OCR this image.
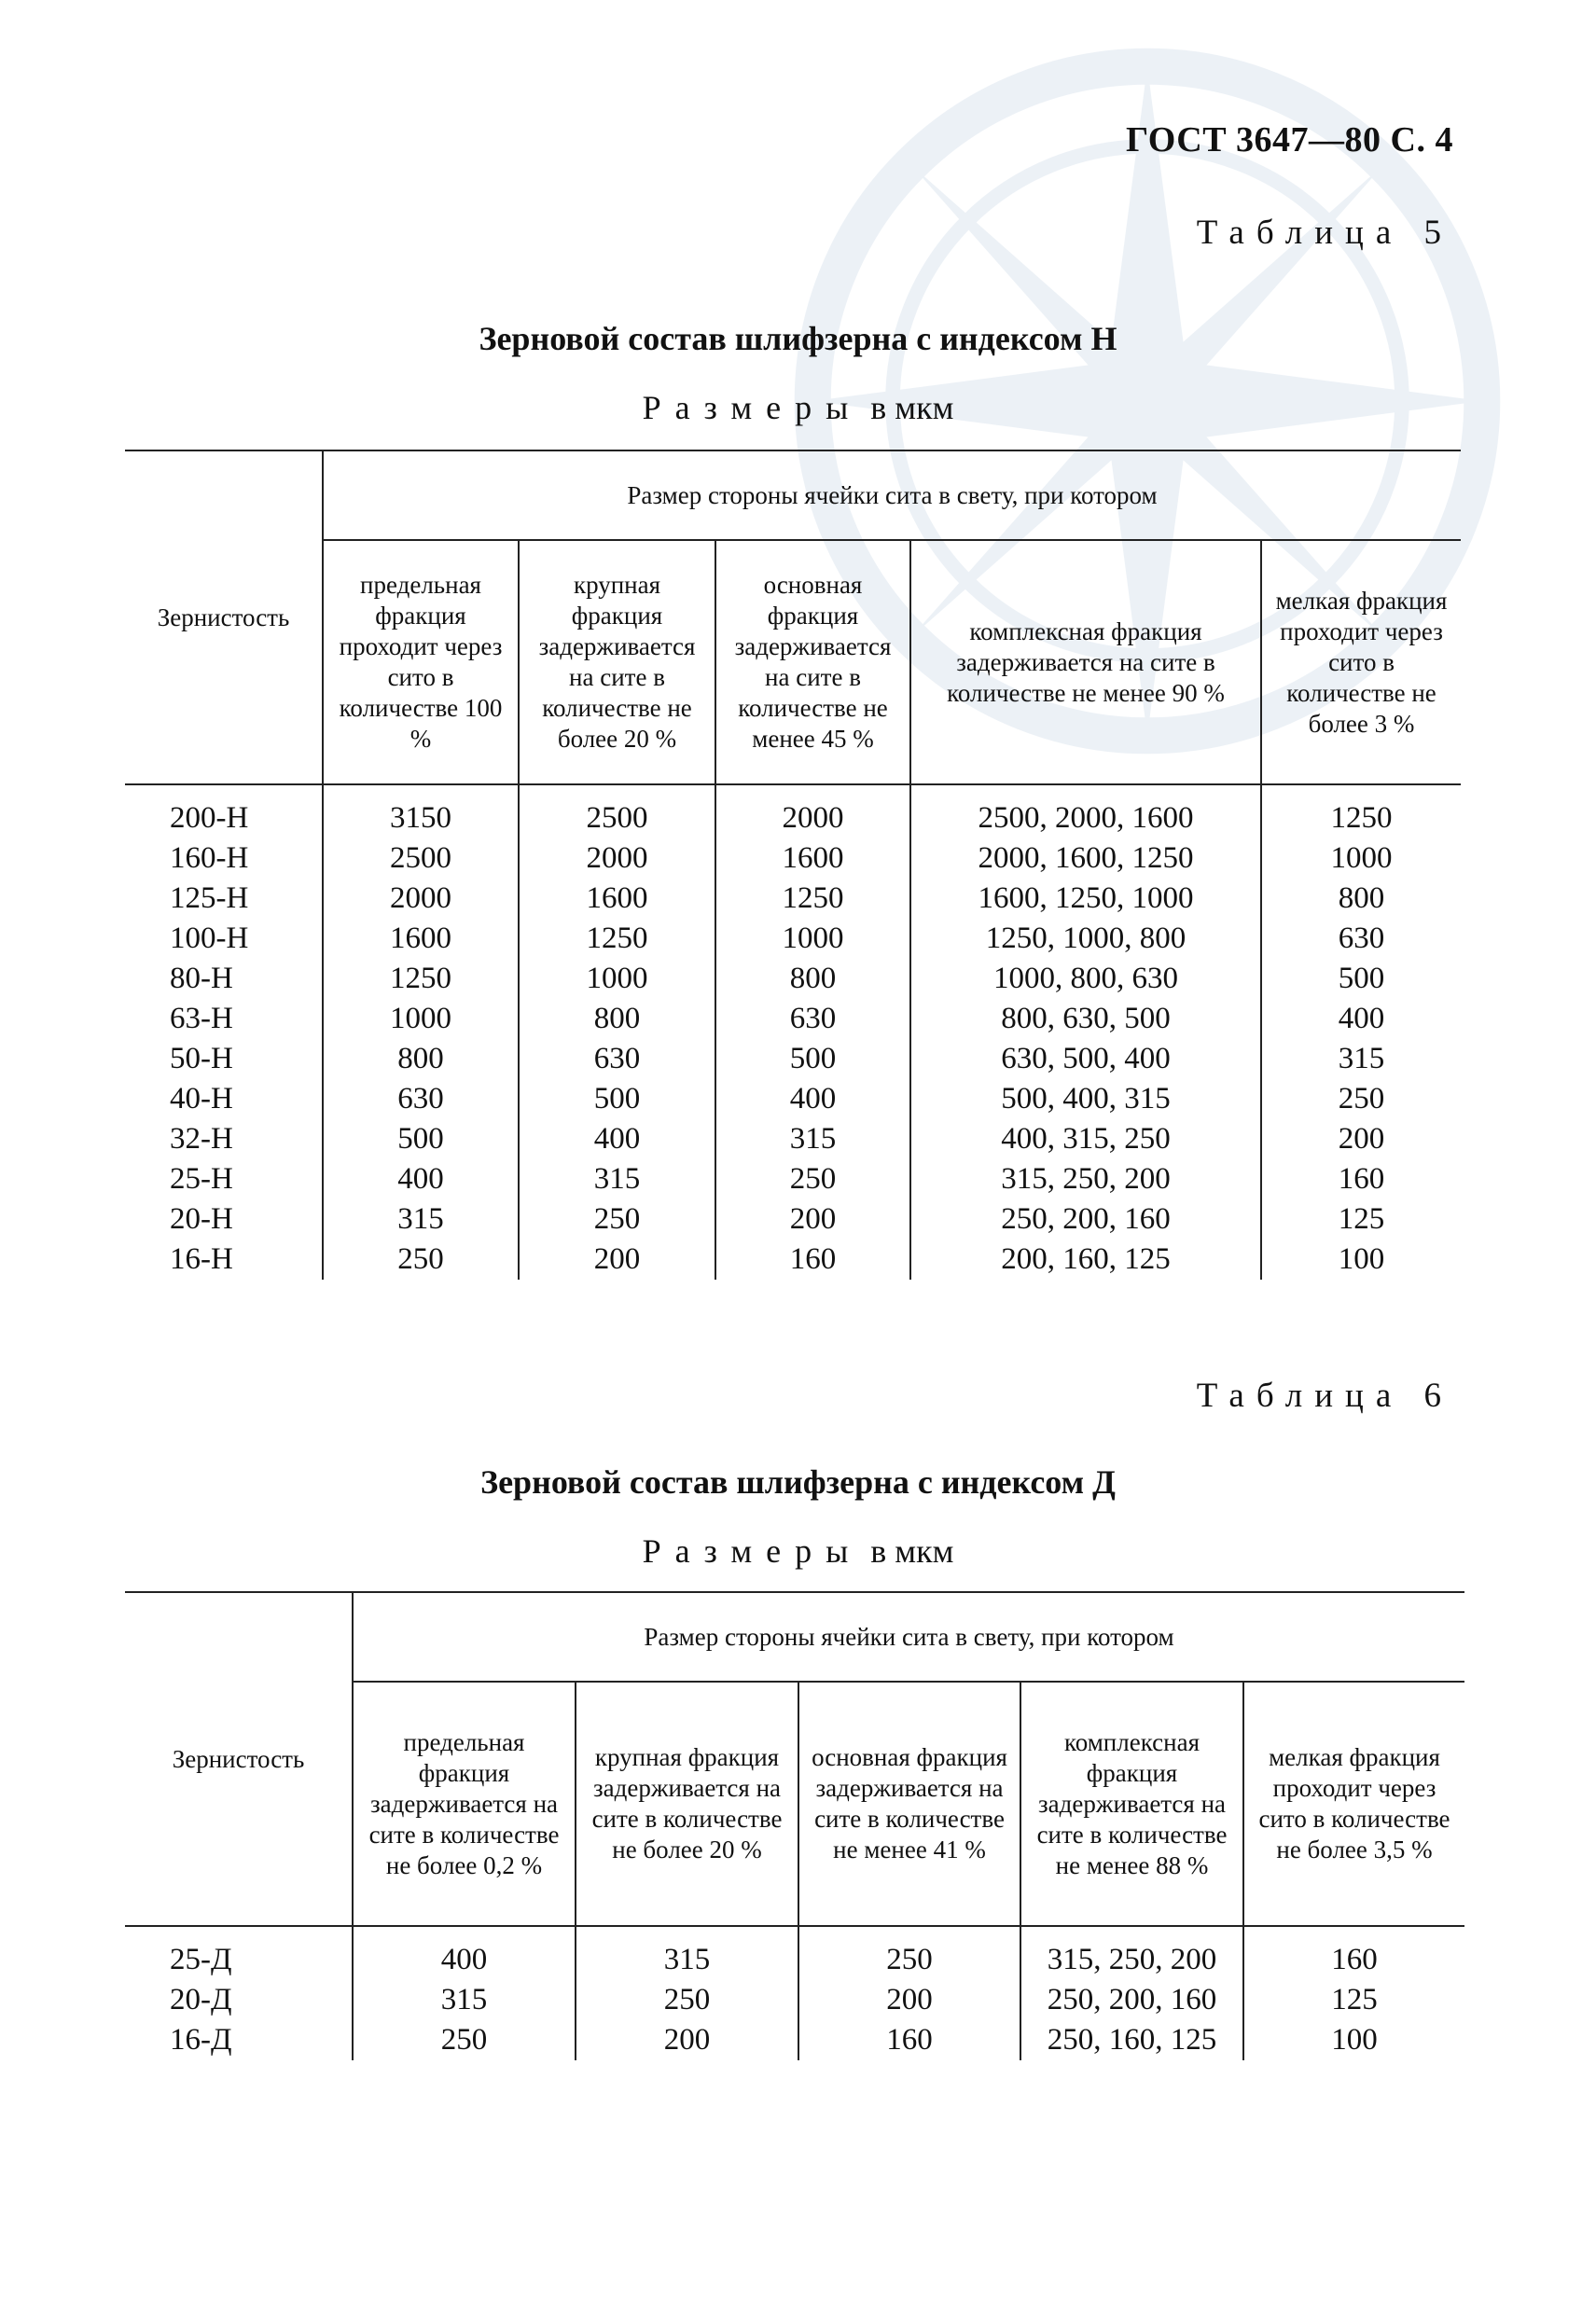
ГОСТ 3647—80 С. 4
Таблица 5
Зерновой состав шлифзерна с индексом Н
Размеры в мкм
Зернистость	Размер стороны ячейки сита в свету, при котором				
	предельная фракция проходит через сито в количестве 100 %	крупная фракция задерживается на сите в количестве не более 20 %	основная фракция задерживается на сите в количестве не менее 45 %	комплексная фракция задерживается на сите в количестве не менее 90 %	мелкая фракция проходит через сито в количестве не более 3 %
200-Н	3150	2500	2000	2500, 2000, 1600	1250
160-Н	2500	2000	1600	2000, 1600, 1250	1000
125-Н	2000	1600	1250	1600, 1250, 1000	800
100-Н	1600	1250	1000	1250, 1000, 800	630
80-Н	1250	1000	800	1000, 800, 630	500
63-Н	1000	800	630	800, 630, 500	400
50-Н	800	630	500	630, 500, 400	315
40-Н	630	500	400	500, 400, 315	250
32-Н	500	400	315	400, 315, 250	200
25-Н	400	315	250	315, 250, 200	160
20-Н	315	250	200	250, 200, 160	125
16-Н	250	200	160	200, 160, 125	100
Таблица 6
Зерновой состав шлифзерна с индексом Д
Размеры в мкм
Зернистость	Размер стороны ячейки сита в свету, при котором				
	предельная фракция задерживается на сите в количестве не более 0,2 %	крупная фракция задерживается на сите в количестве не более 20 %	основная фракция задерживается на сите в количестве не менее 41 %	комплексная фракция задерживается на сите в количестве не менее 88 %	мелкая фракция проходит через сито в количестве не более 3,5 %
25-Д	400	315	250	315, 250, 200	160
20-Д	315	250	200	250, 200, 160	125
16-Д	250	200	160	250, 160, 125	100
